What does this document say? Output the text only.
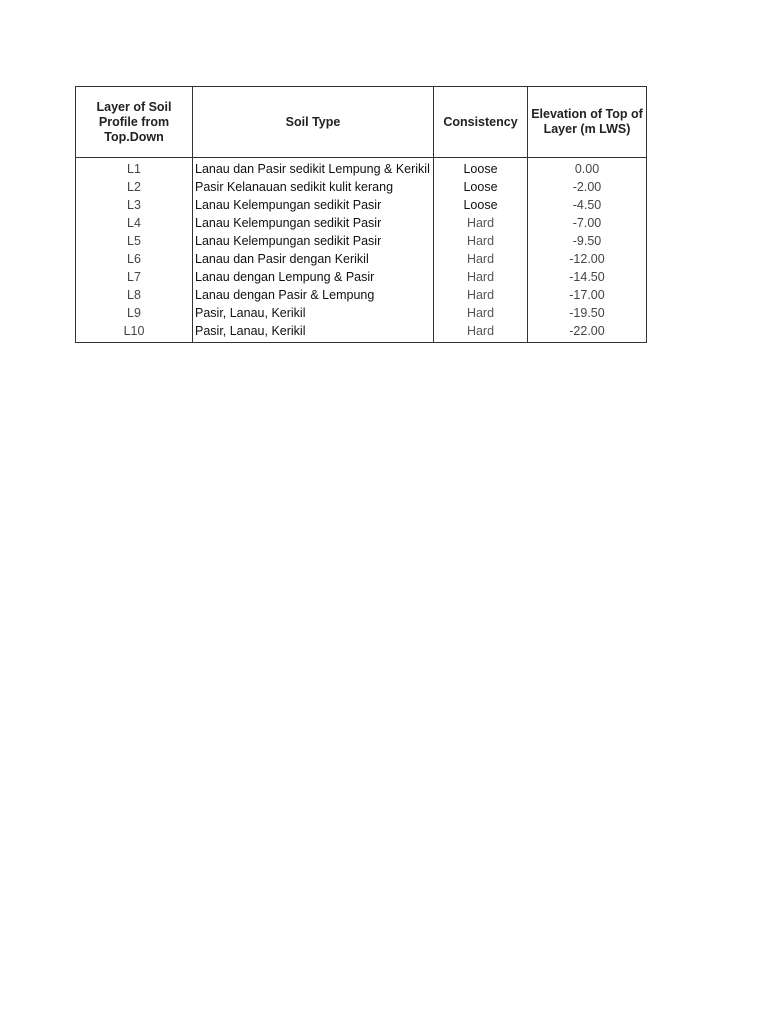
Layer of Soil Profile from Top.Down	Soil Type	Consistency	Elevation of Top of Layer (m LWS)
L1	Lanau dan Pasir sedikit Lempung & Kerikil	Loose	0.00
L2	Pasir Kelanauan sedikit kulit kerang	Loose	-2.00
L3	Lanau Kelempungan sedikit Pasir	Loose	-4.50
L4	Lanau Kelempungan sedikit Pasir	Hard	-7.00
L5	Lanau Kelempungan sedikit Pasir	Hard	-9.50
L6	Lanau dan Pasir dengan Kerikil	Hard	-12.00
L7	Lanau dengan Lempung & Pasir	Hard	-14.50
L8	Lanau dengan Pasir & Lempung	Hard	-17.00
L9	Pasir, Lanau, Kerikil	Hard	-19.50
L10	Pasir, Lanau, Kerikil	Hard	-22.00
